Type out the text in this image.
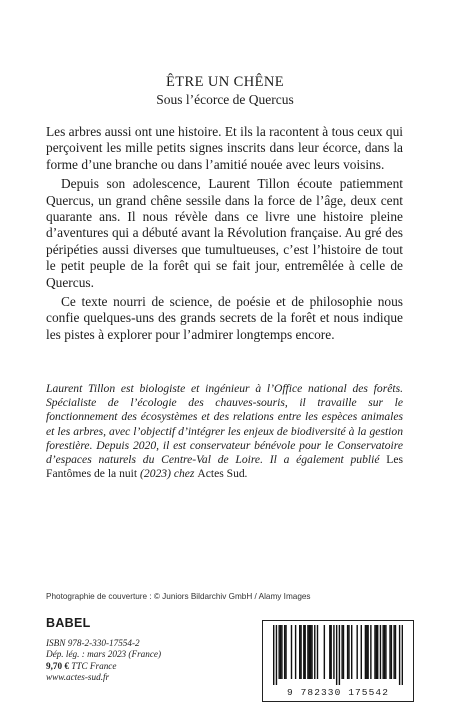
ÊTRE UN CHÊNE
Sous l’écorce de Quercus

Les arbres aussi ont une histoire. Et ils la racontent à tous ceux qui perçoivent les mille petits signes inscrits dans leur écorce, dans la forme d’une branche ou dans l’amitié nouée avec leurs voisins.

Depuis son adolescence, Laurent Tillon écoute patiemment Quercus, un grand chêne sessile dans la force de l’âge, deux cent quarante ans. Il nous révèle dans ce livre une histoire pleine d’aventures qui a débuté avant la Révolution française. Au gré des péripéties aussi diverses que tumultueuses, c’est l’histoire de tout le petit peuple de la forêt qui se fait jour, entremêlée à celle de Quercus.

Ce texte nourri de science, de poésie et de philosophie nous confie quelques-uns des grands secrets de la forêt et nous indique les pistes à explorer pour l’admirer longtemps encore.

Laurent Tillon est biologiste et ingénieur à l’Office national des forêts. Spécialiste de l’écologie des chauves-souris, il travaille sur le fonctionnement des écosystèmes et des relations entre les espèces animales et les arbres, avec l’objectif d’intégrer les enjeux de biodiversité à la gestion forestière. Depuis 2020, il est conservateur bénévole pour le Conservatoire d’espaces naturels du Centre-Val de Loire. Il a également publié Les Fantômes de la nuit (2023) chez Actes Sud.
Photographie de couverture : © Juniors Bildarchiv GmbH / Alamy Images
BABEL
ISBN 978-2-330-17554-2
Dép. lég. : mars 2023 (France)
9,70 € TTC France
www.actes-sud.fr
9 782330 175542
